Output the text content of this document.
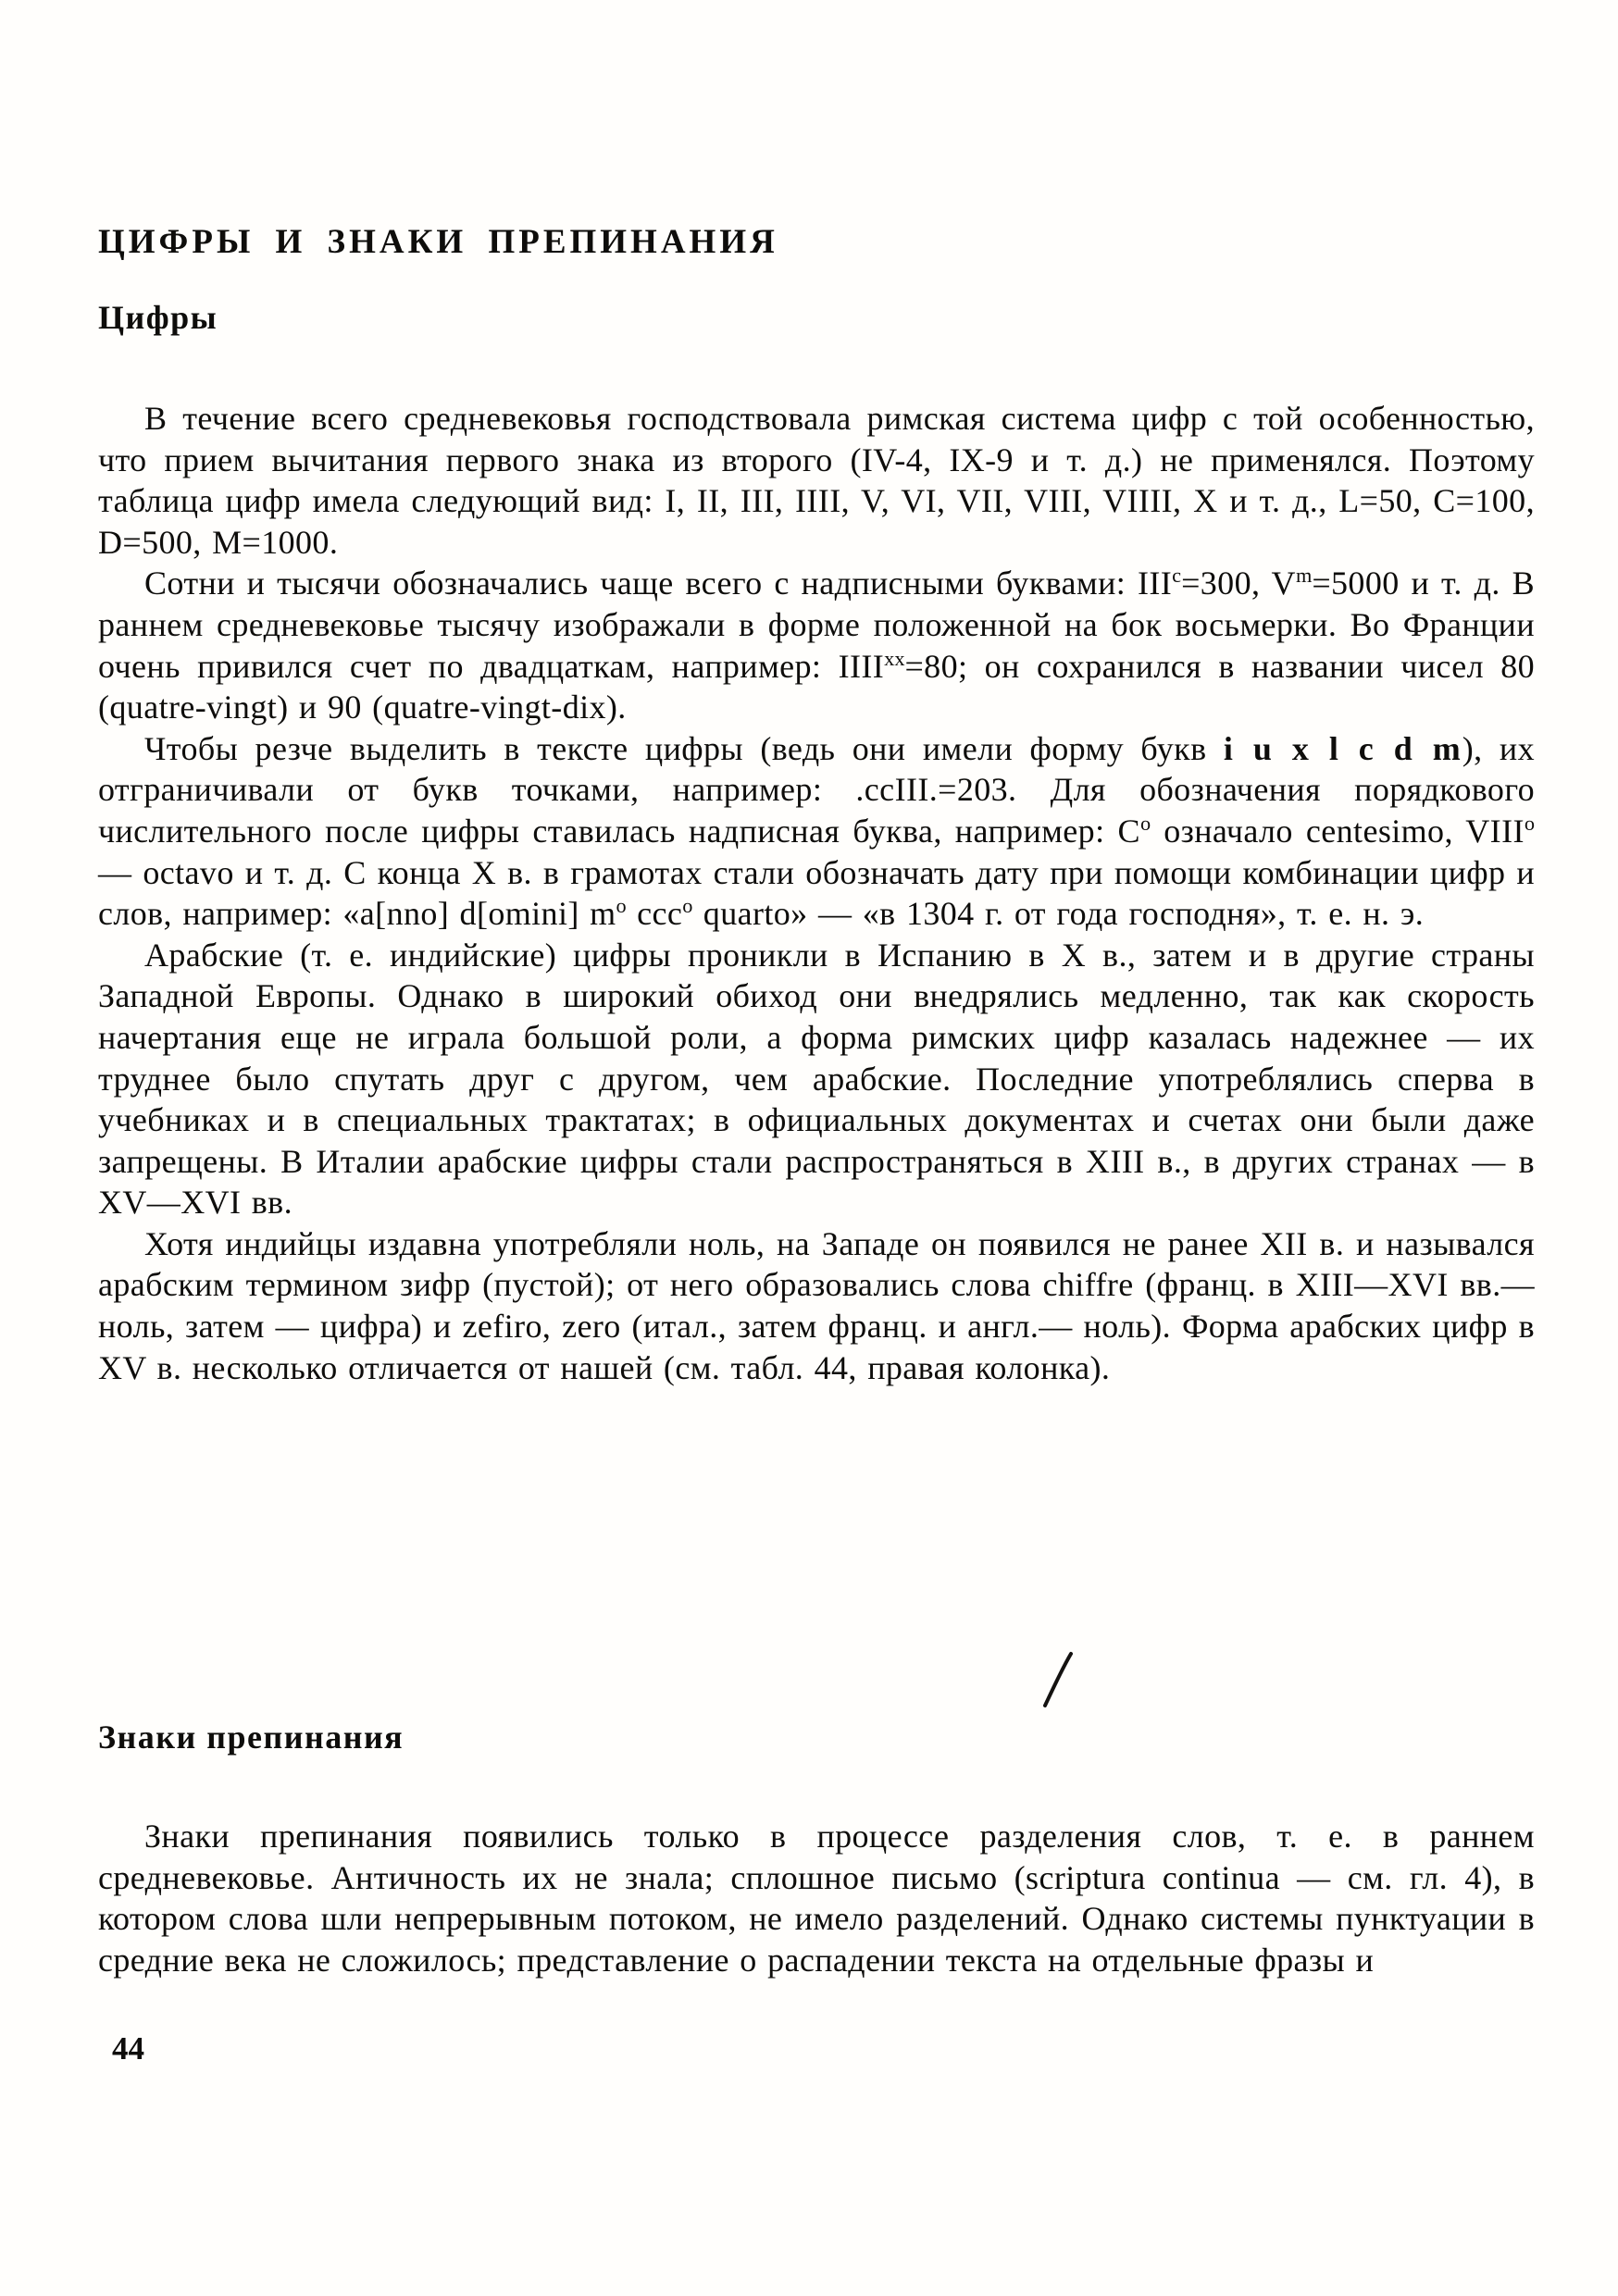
ЦИФРЫ И ЗНАКИ ПРЕПИНАНИЯ
Цифры

В течение всего средневековья господствовала римская система цифр с той особенностью, что прием вычитания первого знака из второго (IV-4, IX-9 и т. д.) не применялся. Поэтому таблица цифр имела следующий вид: I, II, III, IIII, V, VI, VII, VIII, VIIII, X и т. д., L=50, C=100, D=500, M=1000.

Сотни и тысячи обозначались чаще всего с надписными буквами: $III^c=300$, $V^m=5000$ и т. д. В раннем средневековье тысячу изображали в форме положенной на бок восьмерки. Во Франции очень привился счет по двадцаткам, например: $IIII^{xx}=80$; он сохранился в названии чисел 80 (quatre-vingt) и 90 (quatre-vingt-dix).

Чтобы резче выделить в тексте цифры (ведь они имели форму букв i u x l c d m), их отграничивали от букв точками, например: .ccIII.=203. Для обозначения порядкового числительного после цифры ставилась надписная буква, например: $C^o$ означало centesimo, VIII$^o$ — octavo и т. д. С конца X в. в грамотах стали обозначать дату при помощи комбинации цифр и слов, например: «a[nno] d[omini] $m^o$ ccc$^o$ quarto» — «в 1304 г. от года господня», т. е. н. э.

Арабские (т. е. индийские) цифры проникли в Испанию в X в., затем и в другие страны Западной Европы. Однако в широкий обиход они внедрялись медленно, так как скорость начертания еще не играла большой роли, а форма римских цифр казалась надежнее — их труднее было спутать друг с другом, чем арабские. Последние употреблялись сперва в учебниках и в специальных трактатах; в официальных документах и счетах они были даже запрещены. В Италии арабские цифры стали распространяться в XIII в., в других странах — в XV—XVI вв.

Хотя индийцы издавна употребляли ноль, на Западе он появился не ранее XII в. и назывался арабским термином зифр (пустой); от него образовались слова chiffre (франц. в XIII—XVI вв.— ноль, затем — цифра) и zefiro, zero (итал., затем франц. и англ.— ноль). Форма арабских цифр в XV в. несколько отличается от нашей (см. табл. 44, правая колонка).

Знаки препинания

Знаки препинания появились только в процессе разделения слов, т. е. в раннем средневековье. Античность их не знала; сплошное письмо (scriptura continua — см. гл. 4), в котором слова шли непрерывным потоком, не имело разделений. Однако системы пунктуации в средние века не сложилось; представление о распадении текста на отдельные фразы и

44
